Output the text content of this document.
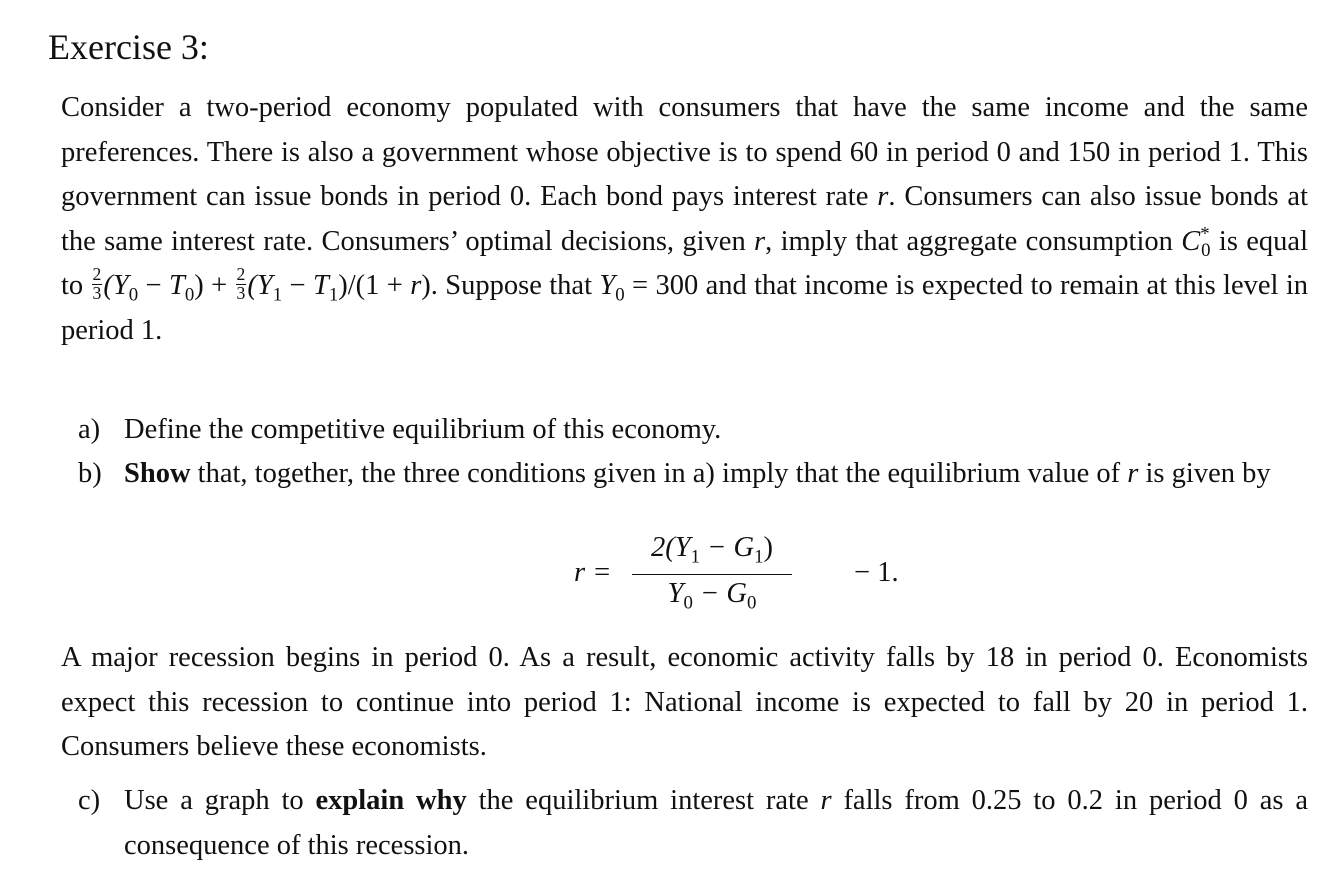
Exercise 3:
Consider a two-period economy populated with consumers that have the same income and the same preferences. There is also a government whose objective is to spend 60 in period 0 and 150 in period 1. This government can issue bonds in period 0. Each bond pays interest rate r. Consumers can also issue bonds at the same interest rate. Consumers’ optimal decisions, given r, imply that aggregate consumption $C^*_0$ is equal to $\frac{2}{3} (Y_0 - T_0) + \frac{2}{3} (Y_1 - T_1)/(1 + r)$. Suppose that $Y_0 = 300$ and that income is expected to remain at this level in period 1.
a) Define the competitive equilibrium of this economy.
b) Show that, together, the three conditions given in a) imply that the equilibrium value of r is given by
r =
$2(Y_1 - G_1)$
$Y_0 - G_0$
− 1.
A major recession begins in period 0. As a result, economic activity falls by 18 in period 0. Economists expect this recession to continue into period 1: National income is expected to fall by 20 in period 1. Consumers believe these economists.
c) Use a graph to explain why the equilibrium interest rate r falls from 0.25 to 0.2 in period 0 as a consequence of this recession.
